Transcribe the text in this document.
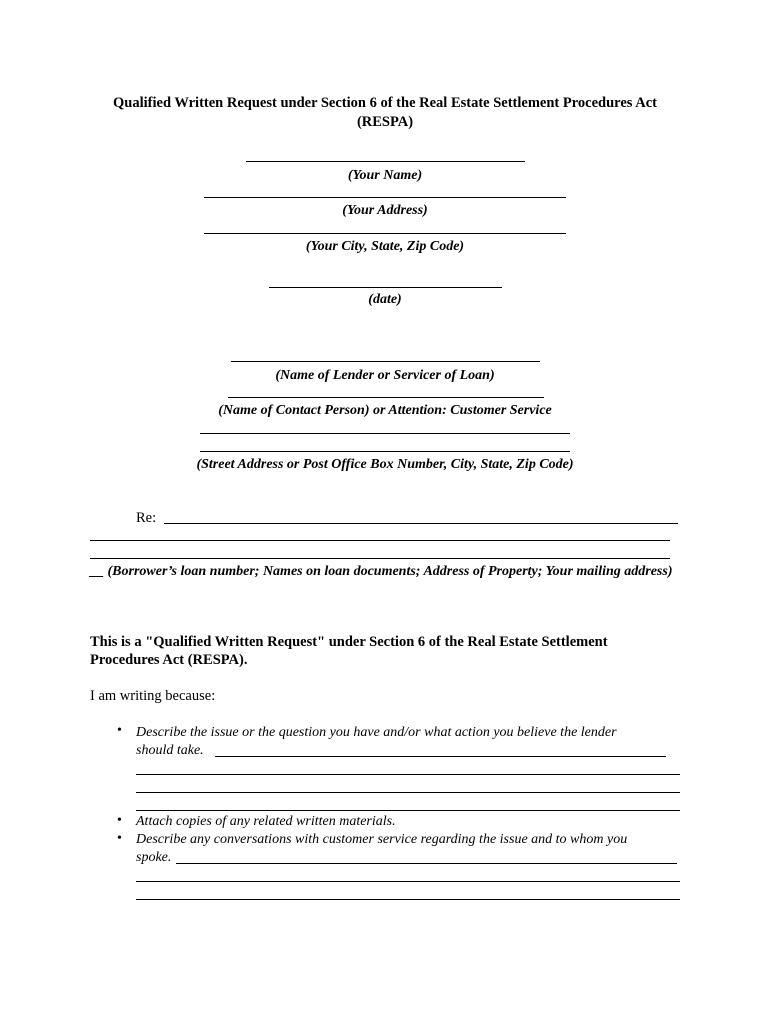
Qualified Written Request under Section 6 of the Real Estate Settlement Procedures Act
(RESPA)
(Your Name)
(Your Address)
(Your City, State, Zip Code)
(date)
(Name of Lender or Servicer of Loan)
(Name of Contact Person) or Attention: Customer Service
(Street Address or Post Office Box Number, City, State, Zip Code)
Re:
__ (Borrower’s loan number; Names on loan documents; Address of Property; Your mailing address)
This is a "Qualified Written Request" under Section 6 of the Real Estate Settlement Procedures Act (RESPA).
I am writing because:
• Describe the issue or the question you have and/or what action you believe the lender
should take.
• Attach copies of any related written materials.
• Describe any conversations with customer service regarding the issue and to whom you
spoke.
